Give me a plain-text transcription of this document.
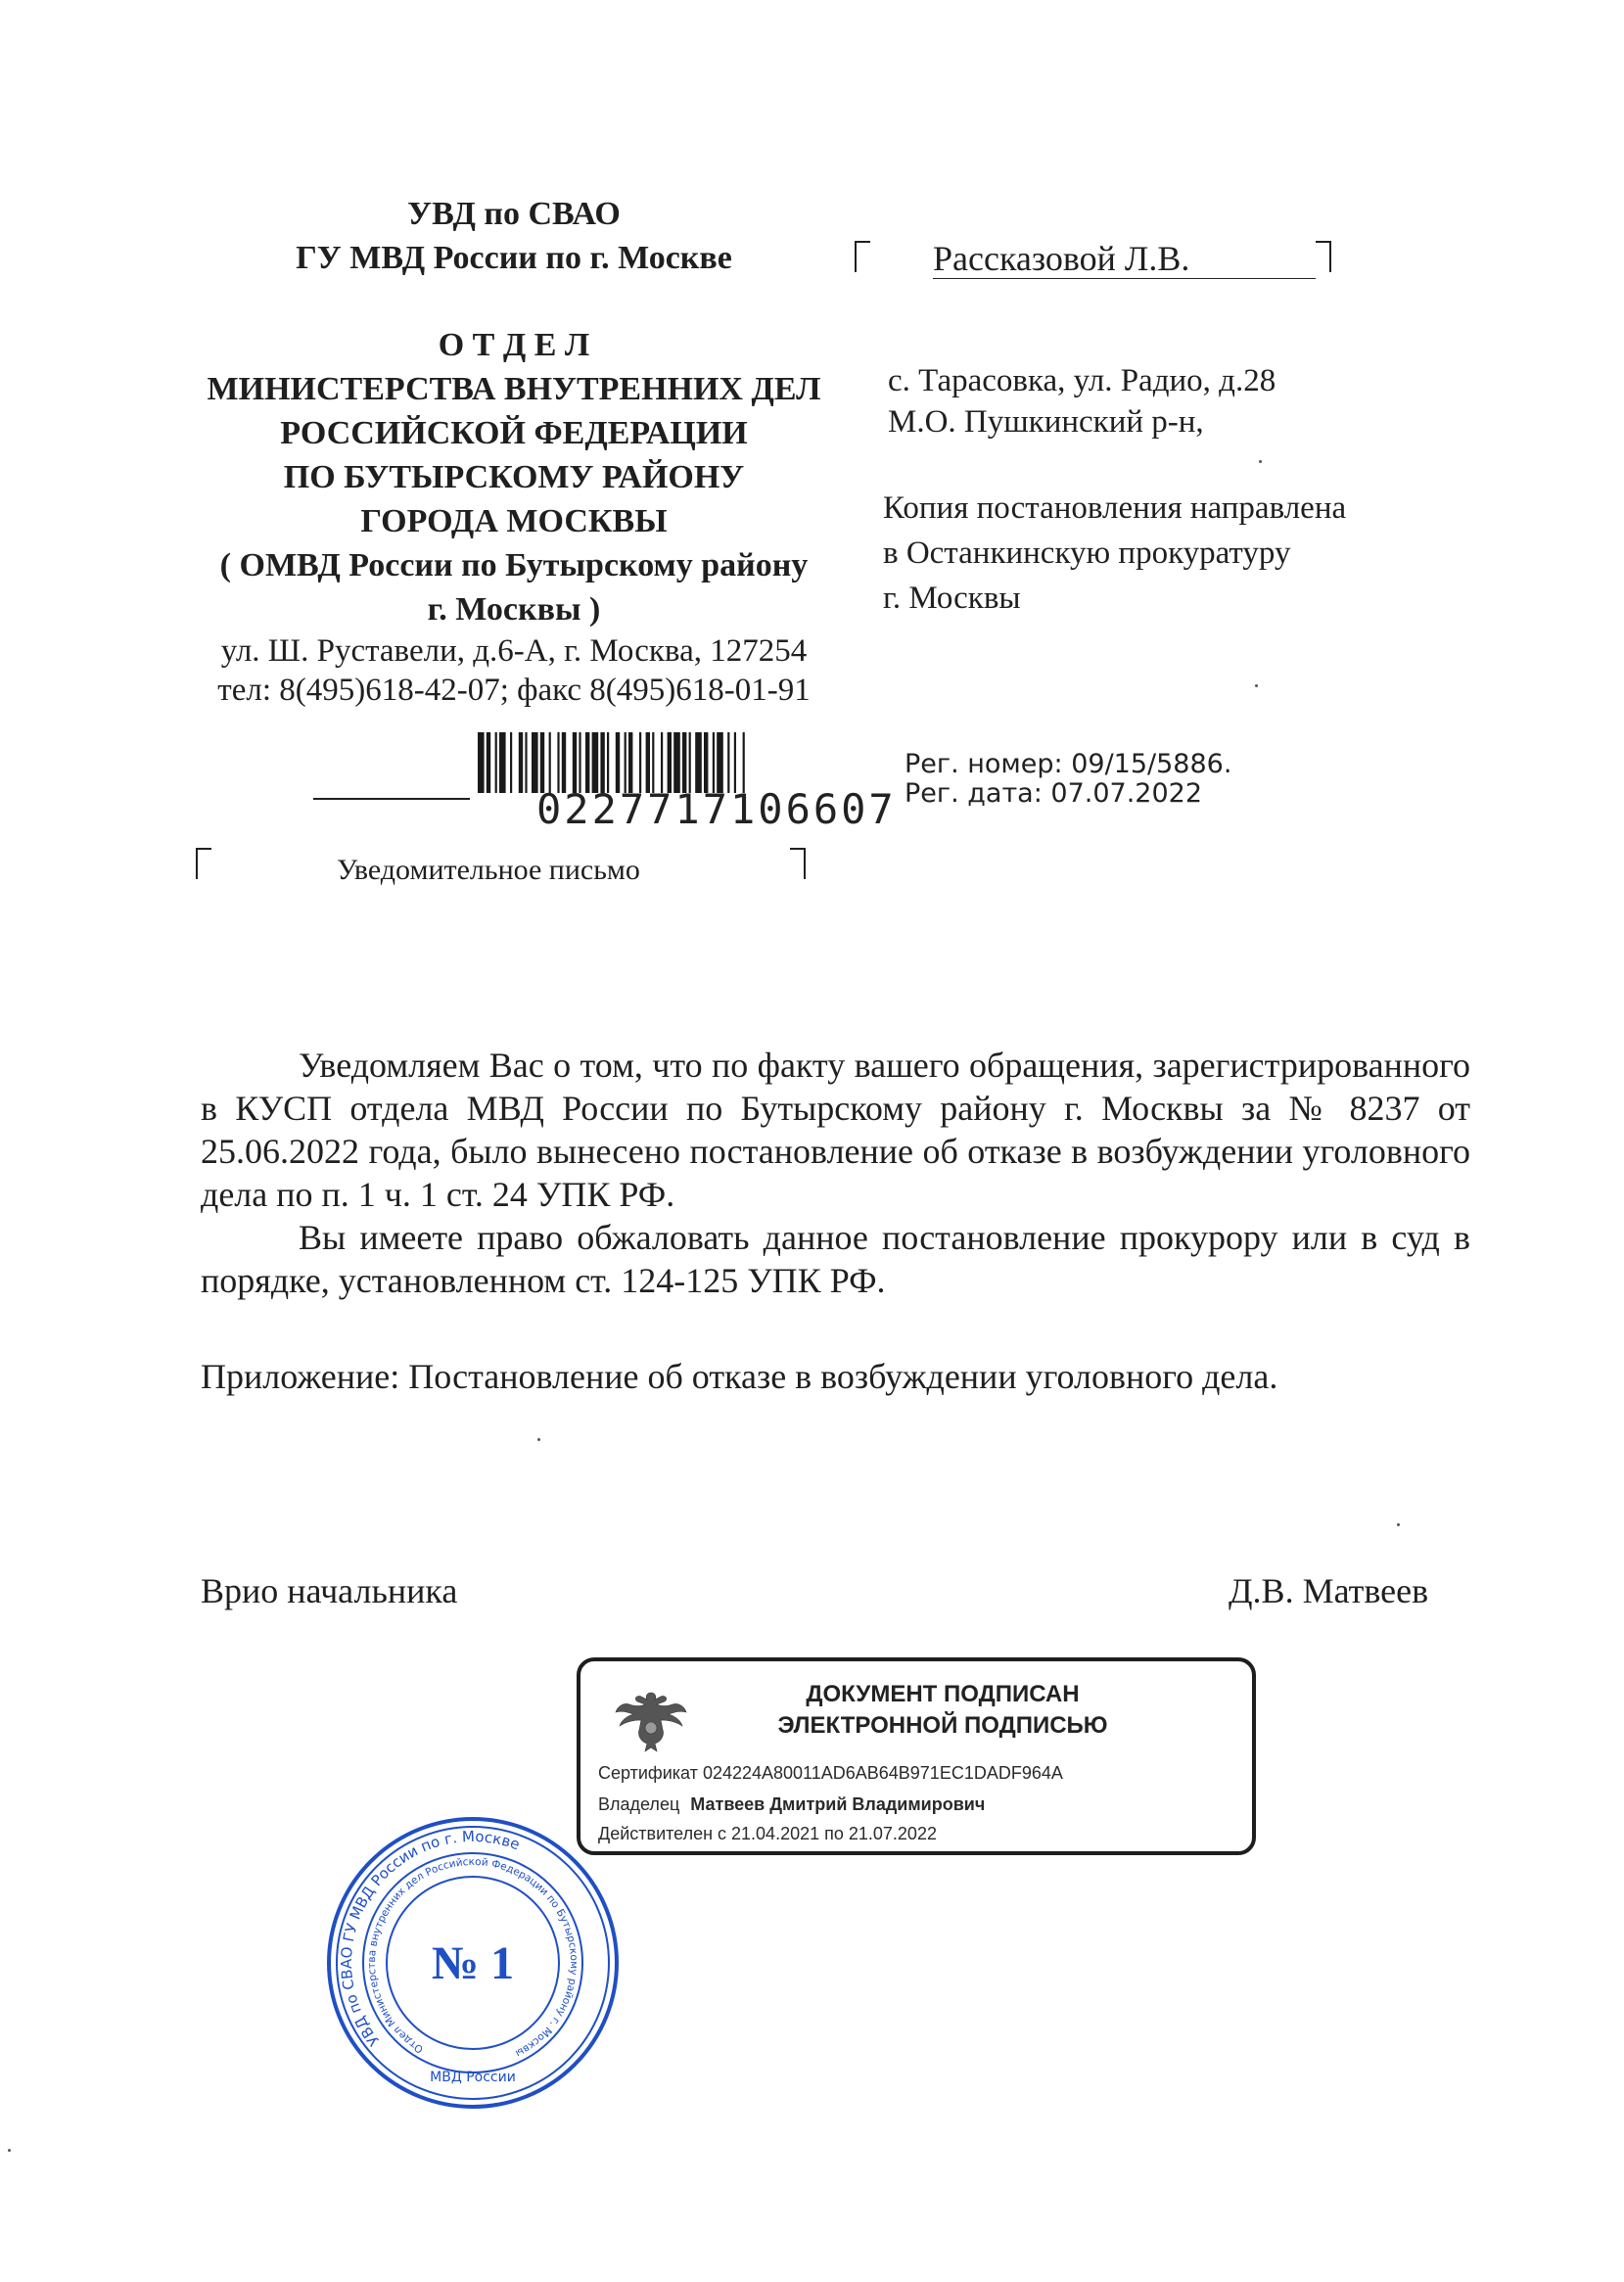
УВД по СВАО
ГУ МВД России по г. Москве
О Т Д Е Л
МИНИСТЕРСТВА ВНУТРЕННИХ ДЕЛ
РОССИЙСКОЙ ФЕДЕРАЦИИ
ПО БУТЫРСКОМУ РАЙОНУ
ГОРОДА МОСКВЫ
( ОМВД России по Бутырскому району
г. Москвы )
ул. Ш. Руставели, д.6-А, г. Москва, 127254
тел: 8(495)618-42-07; факс 8(495)618-01-91
Рассказовой Л.В.
с. Тарасовка, ул. Радио, д.28
М.О. Пушкинский р-н,
Копия постановления направлена
в Останкинскую прокуратуру
г. Москвы
0227717106607
Рег. номер: 09/15/5886.
Рег. дата: 07.07.2022
Уведомительное письмо

Уведомляем Вас о том, что по факту вашего обращения, зарегистрированного в КУСП отдела МВД России по Бутырскому району г. Москвы за № 8237 от 25.06.2022 года, было вынесено постановление об отказе в возбуждении уголовного дела по п. 1 ч. 1 ст. 24 УПК РФ.

Вы имеете право обжаловать данное постановление прокурору или в суд в порядке, установленном ст. 124-125 УПК РФ.

Приложение: Постановление об отказе в возбуждении уголовного дела.
Врио начальника	Д.В. Матвеев
ДОКУМЕНТ ПОДПИСАН
ЭЛЕКТРОННОЙ ПОДПИСЬЮ
Сертификат 024224A80011AD6AB64B971EC1DADF964A
Владелец Матвеев Дмитрий Владимирович
Действителен с 21.04.2021 по 21.07.2022
УВД по СВАО ГУ МВД России по г. Москве
Отдел Министерства внутренних дел Российской Федерации по Бутырскому району г. Москвы
МВД России
№ 1
